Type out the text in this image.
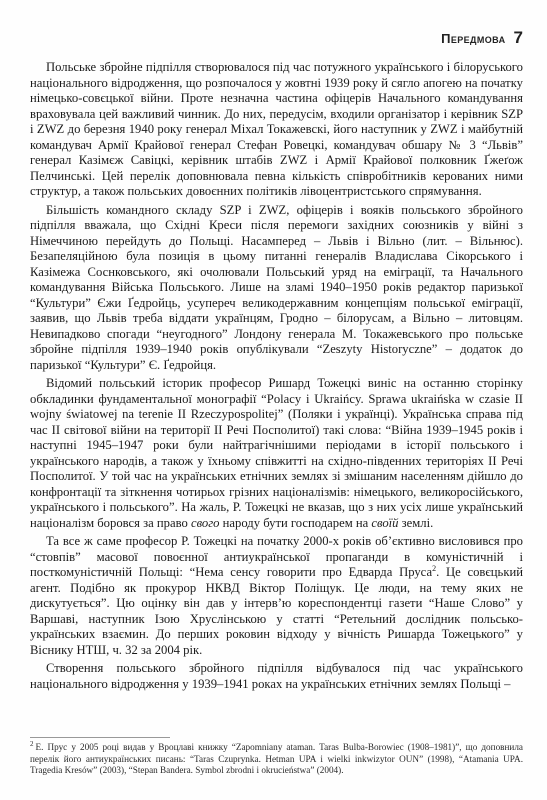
Передмова 7

Польське збройне підпілля створювалося під час потужного українського і білоруського національного відродження, що розпочалося у жовтні 1939 року й сягло апогею на початку німецько-совєцької війни. Проте незначна частина офіцерів Начального командування враховувала цей важливий чинник. До них, передусім, входили організатор і керівник SZP і ZWZ до березня 1940 року генерал Міхал Токажевскі, його наступник у ZWZ і майбутній командувач Армії Крайової генерал Стефан Ровецкі, командувач обшару № 3 “Львів” генерал Казімєж Савіцкі, керівник штабів ZWZ і Армії Крайової полковник Ґжеґож Пелчинські. Цей перелік доповнювала певна кількість співробітників керованих ними структур, а також польських довоєнних політиків лівоцентристського спрямування.

Більшість командного складу SZP і ZWZ, офіцерів і вояків польського збройного підпілля вважала, що Східні Креси після перемоги західних союзників у війні з Німеччиною перейдуть до Польщі. Насамперед – Львів і Вільно (лит. – Вільнюс). Безапеляційною була позиція в цьому питанні генералів Владислава Сікорського і Казімежа Соснковського, які очолювали Польський уряд на еміграції, та Начального командування Війська Польського. Лише на зламі 1940–1950 років редактор паризької “Культури” Єжи Ґедройць, усупереч великодержавним концепціям польської еміграції, заявив, що Львів треба віддати українцям, Гродно – білорусам, а Вільно – литовцям. Невипадково спогади “неугодного” Лондону генерала М. Токажевського про польське збройне підпілля 1939–1940 років опублікували “Zeszyty Historyczne” – додаток до паризької “Культури” Є. Ґедройця.

Відомий польський історик професор Ришард Тожецкі виніс на останню сторінку обкладинки фундаментальної монографії “Polacy i Ukraińcy. Sprawa ukraińska w czasie II wojny światowej na terenie II Rzeczypospolitej” (Поляки і українці). Українська справа під час ІІ світової війни на території ІІ Речі Посполитої) такі слова: “Війна 1939–1945 років і наступні 1945–1947 роки були найтрагічнішими періодами в історії польського і українського народів, а також у їхньому співжитті на східно-південних територіях ІІ Речі Посполитої. У той час на українських етнічних землях зі змішаним населенням дійшло до конфронтації та зіткнення чотирьох грізних націоналізмів: німецького, великоросійського, українського і польського”. На жаль, Р. Тожецкі не вказав, що з них усіх лише український націоналізм боровся за право свого народу бути господарем на своїй землі.

Та все ж саме професор Р. Тожецкі на початку 2000-х років об’єктивно висловився про “стовпів” масової повоєнної антиукраїнської пропаганди в комуністичній і посткомуністичній Польщі: “Нема сенсу говорити про Едварда Пруса$^2$. Це совєцький агент. Подібно як прокурор НКВД Віктор Поліщук. Це люди, на тему яких не дискутується”. Цю оцінку він дав у інтерв’ю кореспондентці газети “Наше Слово” у Варшаві, наступник Ізою Хруслінською у статті “Ретельний дослідник польсько-українських взаємин. До перших роковин відходу у вічність Ришарда Тожецького” у Віснику НТШ, ч. 32 за 2004 рік.

Створення польського збройного підпілля відбувалося під час українського національного відродження у 1939–1941 роках на українських етнічних землях Польщі –

$^2$ Е. Прус у 2005 році видав у Вроцлаві книжку “Zapomniany ataman. Taras Bulba-Borowiec (1908–1981)”, що доповнила перелік його антиукраїнських писань: “Taras Czuprynka. Hetman UPA i wielki inkwizytor OUN” (1998), “Atamania UPA. Tragedia Kresów” (2003), “Stepan Bandera. Symbol zbrodni i okrucieństwa” (2004).
